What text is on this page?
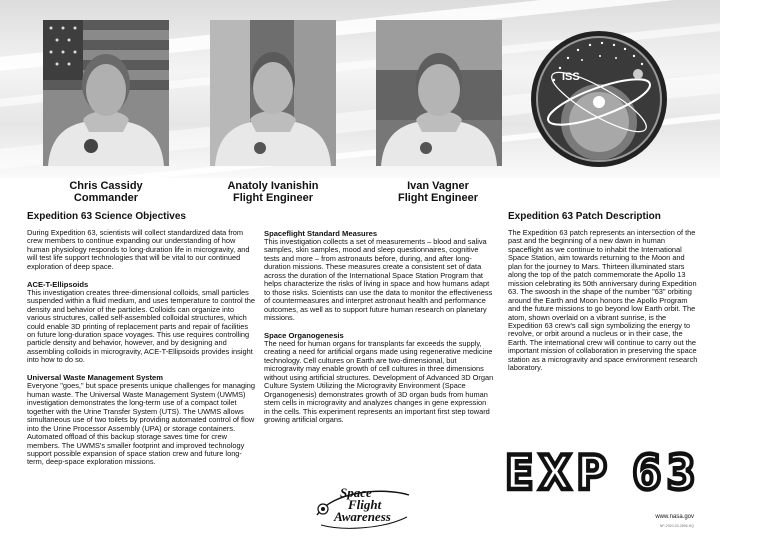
ISS
Chris Cassidy
Commander
Anatoly Ivanishin
Flight Engineer
Ivan Vagner
Flight Engineer
Expedition 63 Science Objectives

During Expedition 63, scientists will collect standardized data from crew members to continue expanding our understanding of how human physiology responds to long-duration life in microgravity, and will test life support technologies that will be vital to our continued exploration of deep space.

ACE-T-Ellipsoids

This investigation creates three-dimensional colloids, small particles suspended within a fluid medium, and uses temperature to control the density and behavior of the particles. Colloids can organize into various structures, called self-assembled colloidal structures, which could enable 3D printing of replacement parts and repair of facilities on future long-duration space voyages. This use requires controlling particle density and behavior, however, and by designing and assembling colloids in microgravity, ACE-T-Ellipsoids provides insight into how to do so.

Universal Waste Management System

Everyone "goes," but space presents unique challenges for managing human waste. The Universal Waste Management System (UWMS) investigation demonstrates the long-term use of a compact toilet together with the Urine Transfer System (UTS). The UWMS allows simultaneous use of two toilets by providing automated control of flow into the Urine Processor Assembly (UPA) or storage containers. Automated offload of this backup storage saves time for crew members. The UWMS's smaller footprint and improved technology support possible expansion of space station crew and future long-term, deep-space exploration missions.

Spaceflight Standard Measures

This investigation collects a set of measurements – blood and saliva samples, skin samples, mood and sleep questionnaires, cognitive tests and more – from astronauts before, during, and after long-duration missions. These measures create a consistent set of data across the duration of the International Space Station Program that helps characterize the risks of living in space and how humans adapt to those risks. Scientists can use the data to monitor the effectiveness of countermeasures and interpret astronaut health and performance outcomes, as well as to support future human research on planetary missions.

Space Organogenesis

The need for human organs for transplants far exceeds the supply, creating a need for artificial organs made using regenerative medicine technology. Cell cultures on Earth are two-dimensional, but microgravity may enable growth of cell cultures in three dimensions without using artificial structures. Development of Advanced 3D Organ Culture System Utilizing the Microgravity Environment (Space Organogenesis) demonstrates growth of 3D organ buds from human stem cells in microgravity and analyzes changes in gene expression in the cells. This experiment represents an important first step toward growing artificial organs.

Expedition 63 Patch Description

The Expedition 63 patch represents an intersection of the past and the beginning of a new dawn in human spaceflight as we continue to inhabit the International Space Station, aim towards returning to the Moon and plan for the journey to Mars. Thirteen illuminated stars along the top of the patch commemorate the Apollo 13 mission celebrating its 50th anniversary during Expedition 63. The swoosh in the shape of the number "63" orbiting around the Earth and Moon honors the Apollo Program and the future missions to go beyond low Earth orbit. The atom, shown overlaid on a vibrant sunrise, is the Expedition 63 crew's call sign symbolizing the energy to revolve, or orbit around a nucleus or in their case, the Earth. The international crew will continue to carry out the important mission of collaboration in preserving the space station as a microgravity and space environment research laboratory.

EXP 63
Space
Flight
Awareness	www.nasa.gov
NP-2020-03-2896-HQ
